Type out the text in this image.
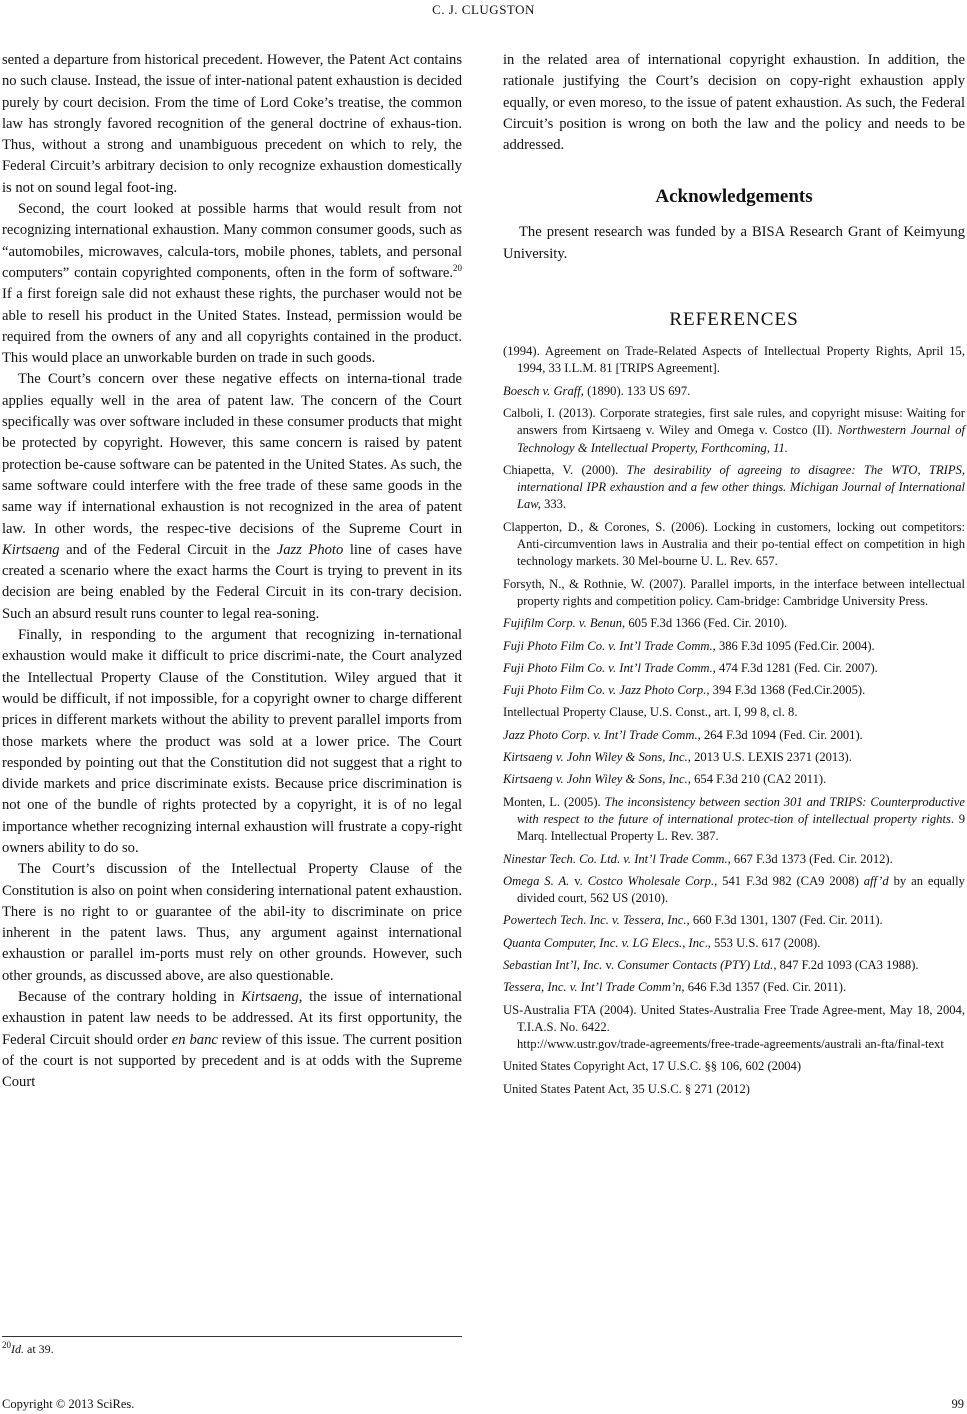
C. J. CLUGSTON

sented a departure from historical precedent. However, the Patent Act contains no such clause. Instead, the issue of inter-national patent exhaustion is decided purely by court decision. From the time of Lord Coke’s treatise, the common law has strongly favored recognition of the general doctrine of exhaus-tion. Thus, without a strong and unambiguous precedent on which to rely, the Federal Circuit’s arbitrary decision to only recognize exhaustion domestically is not on sound legal foot-ing.

Second, the court looked at possible harms that would result from not recognizing international exhaustion. Many common consumer goods, such as “automobiles, microwaves, calcula-tors, mobile phones, tablets, and personal computers” contain copyrighted components, often in the form of software.$^{20}$ If a first foreign sale did not exhaust these rights, the purchaser would not be able to resell his product in the United States. Instead, permission would be required from the owners of any and all copyrights contained in the product. This would place an unworkable burden on trade in such goods.

The Court’s concern over these negative effects on interna-tional trade applies equally well in the area of patent law. The concern of the Court specifically was over software included in these consumer products that might be protected by copyright. However, this same concern is raised by patent protection be-cause software can be patented in the United States. As such, the same software could interfere with the free trade of these same goods in the same way if international exhaustion is not recognized in the area of patent law. In other words, the respec-tive decisions of the Supreme Court in Kirtsaeng and of the Federal Circuit in the Jazz Photo line of cases have created a scenario where the exact harms the Court is trying to prevent in its decision are being enabled by the Federal Circuit in its con-trary decision. Such an absurd result runs counter to legal rea-soning.

Finally, in responding to the argument that recognizing in-ternational exhaustion would make it difficult to price discrimi-nate, the Court analyzed the Intellectual Property Clause of the Constitution. Wiley argued that it would be difficult, if not impossible, for a copyright owner to charge different prices in different markets without the ability to prevent parallel imports from those markets where the product was sold at a lower price. The Court responded by pointing out that the Constitution did not suggest that a right to divide markets and price discriminate exists. Because price discrimination is not one of the bundle of rights protected by a copyright, it is of no legal importance whether recognizing internal exhaustion will frustrate a copy-right owners ability to do so.

The Court’s discussion of the Intellectual Property Clause of the Constitution is also on point when considering international patent exhaustion. There is no right to or guarantee of the abil-ity to discriminate on price inherent in the patent laws. Thus, any argument against international exhaustion or parallel im-ports must rely on other grounds. However, such other grounds, as discussed above, are also questionable.

Because of the contrary holding in Kirtsaeng, the issue of international exhaustion in patent law needs to be addressed. At its first opportunity, the Federal Circuit should order en banc review of this issue. The current position of the court is not supported by precedent and is at odds with the Supreme Court

in the related area of international copyright exhaustion. In addition, the rationale justifying the Court’s decision on copy-right exhaustion apply equally, or even moreso, to the issue of patent exhaustion. As such, the Federal Circuit’s position is wrong on both the law and the policy and needs to be addressed.

Acknowledgements

The present research was funded by a BISA Research Grant of Keimyung University.

REFERENCES

(1994). Agreement on Trade-Related Aspects of Intellectual Property Rights, April 15, 1994, 33 I.L.M. 81 [TRIPS Agreement].

Boesch v. Graff, (1890). 133 US 697.

Calboli, I. (2013). Corporate strategies, first sale rules, and copyright misuse: Waiting for answers from Kirtsaeng v. Wiley and Omega v. Costco (II). Northwestern Journal of Technology & Intellectual Property, Forthcoming, 11.

Chiapetta, V. (2000). The desirability of agreeing to disagree: The WTO, TRIPS, international IPR exhaustion and a few other things. Michigan Journal of International Law, 333.

Clapperton, D., & Corones, S. (2006). Locking in customers, locking out competitors: Anti-circumvention laws in Australia and their po-tential effect on competition in high technology markets. 30 Mel-bourne U. L. Rev. 657.

Forsyth, N., & Rothnie, W. (2007). Parallel imports, in the interface between intellectual property rights and competition policy. Cam-bridge: Cambridge University Press.

Fujifilm Corp. v. Benun, 605 F.3d 1366 (Fed. Cir. 2010).

Fuji Photo Film Co. v. Int’l Trade Comm., 386 F.3d 1095 (Fed.Cir. 2004).

Fuji Photo Film Co. v. Int’l Trade Comm., 474 F.3d 1281 (Fed. Cir. 2007).

Fuji Photo Film Co. v. Jazz Photo Corp., 394 F.3d 1368 (Fed.Cir.2005).

Intellectual Property Clause, U.S. Const., art. I, 99 8, cl. 8.

Jazz Photo Corp. v. Int’l Trade Comm., 264 F.3d 1094 (Fed. Cir. 2001).

Kirtsaeng v. John Wiley & Sons, Inc., 2013 U.S. LEXIS 2371 (2013).

Kirtsaeng v. John Wiley & Sons, Inc., 654 F.3d 210 (CA2 2011).

Monten, L. (2005). The inconsistency between section 301 and TRIPS: Counterproductive with respect to the future of international protec-tion of intellectual property rights. 9 Marq. Intellectual Property L. Rev. 387.

Ninestar Tech. Co. Ltd. v. Int’l Trade Comm., 667 F.3d 1373 (Fed. Cir. 2012).

Omega S. A. v. Costco Wholesale Corp., 541 F.3d 982 (CA9 2008) aff’d by an equally divided court, 562 US (2010).

Powertech Tech. Inc. v. Tessera, Inc., 660 F.3d 1301, 1307 (Fed. Cir. 2011).

Quanta Computer, Inc. v. LG Elecs., Inc., 553 U.S. 617 (2008).

Sebastian Int’l, Inc. v. Consumer Contacts (PTY) Ltd., 847 F.2d 1093 (CA3 1988).

Tessera, Inc. v. Int’l Trade Comm’n, 646 F.3d 1357 (Fed. Cir. 2011).

US-Australia FTA (2004). United States-Australia Free Trade Agree-ment, May 18, 2004, T.I.A.S. No. 6422.
http://www.ustr.gov/trade-agreements/free-trade-agreements/australi an-fta/final-text

United States Copyright Act, 17 U.S.C. §§ 106, 602 (2004)

United States Patent Act, 35 U.S.C. § 271 (2012)

$^{20}$Id. at 39.
Copyright © 2013 SciRes.	99
